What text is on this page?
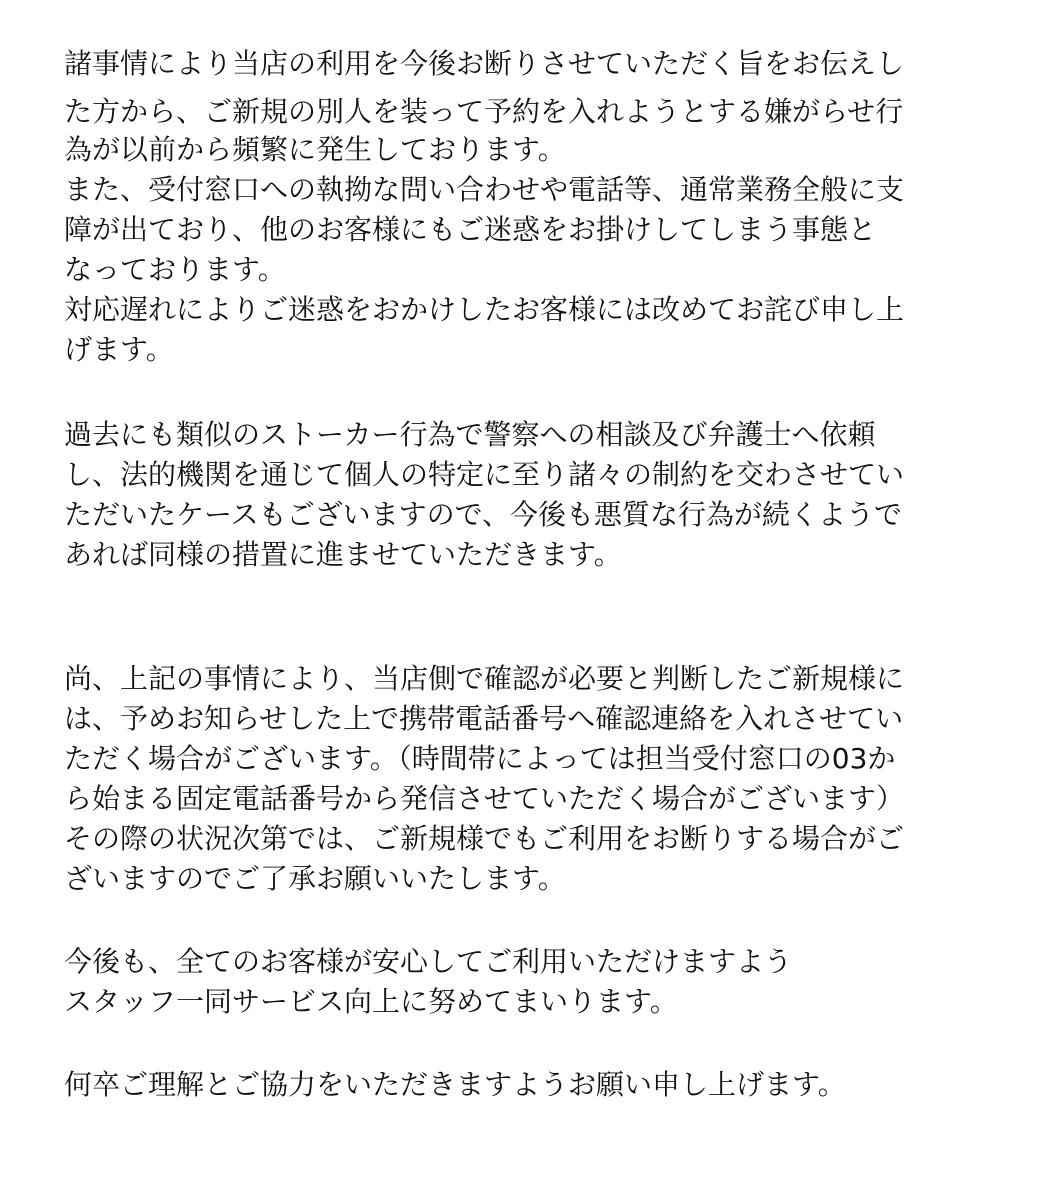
諸事情により当店の利用を今後お断りさせていただく旨をお伝えし
た方から、ご新規の別人を装って予約を入れようとする嫌がらせ行
為が以前から頻繁に発生しております。
また、受付窓口への執拗な問い合わせや電話等、通常業務全般に支
障が出ており、他のお客様にもご迷惑をお掛けしてしまう事態と
なっております。
対応遅れによりご迷惑をおかけしたお客様には改めてお詫び申し上
げます。
過去にも類似のストーカー行為で警察への相談及び弁護士へ依頼
し、法的機関を通じて個人の特定に至り諸々の制約を交わさせてい
ただいたケースもございますので、今後も悪質な行為が続くようで
あれば同様の措置に進ませていただきます。
尚、上記の事情により、当店側で確認が必要と判断したご新規様に
は、予めお知らせした上で携帯電話番号へ確認連絡を入れさせてい
ただく場合がございます。（時間帯によっては担当受付窓口の03か
ら始まる固定電話番号から発信させていただく場合がございます）
その際の状況次第では、ご新規様でもご利用をお断りする場合がご
ざいますのでご了承お願いいたします。
今後も、全てのお客様が安心してご利用いただけますよう
スタッフ一同サービス向上に努めてまいります。
何卒ご理解とご協力をいただきますようお願い申し上げます。
